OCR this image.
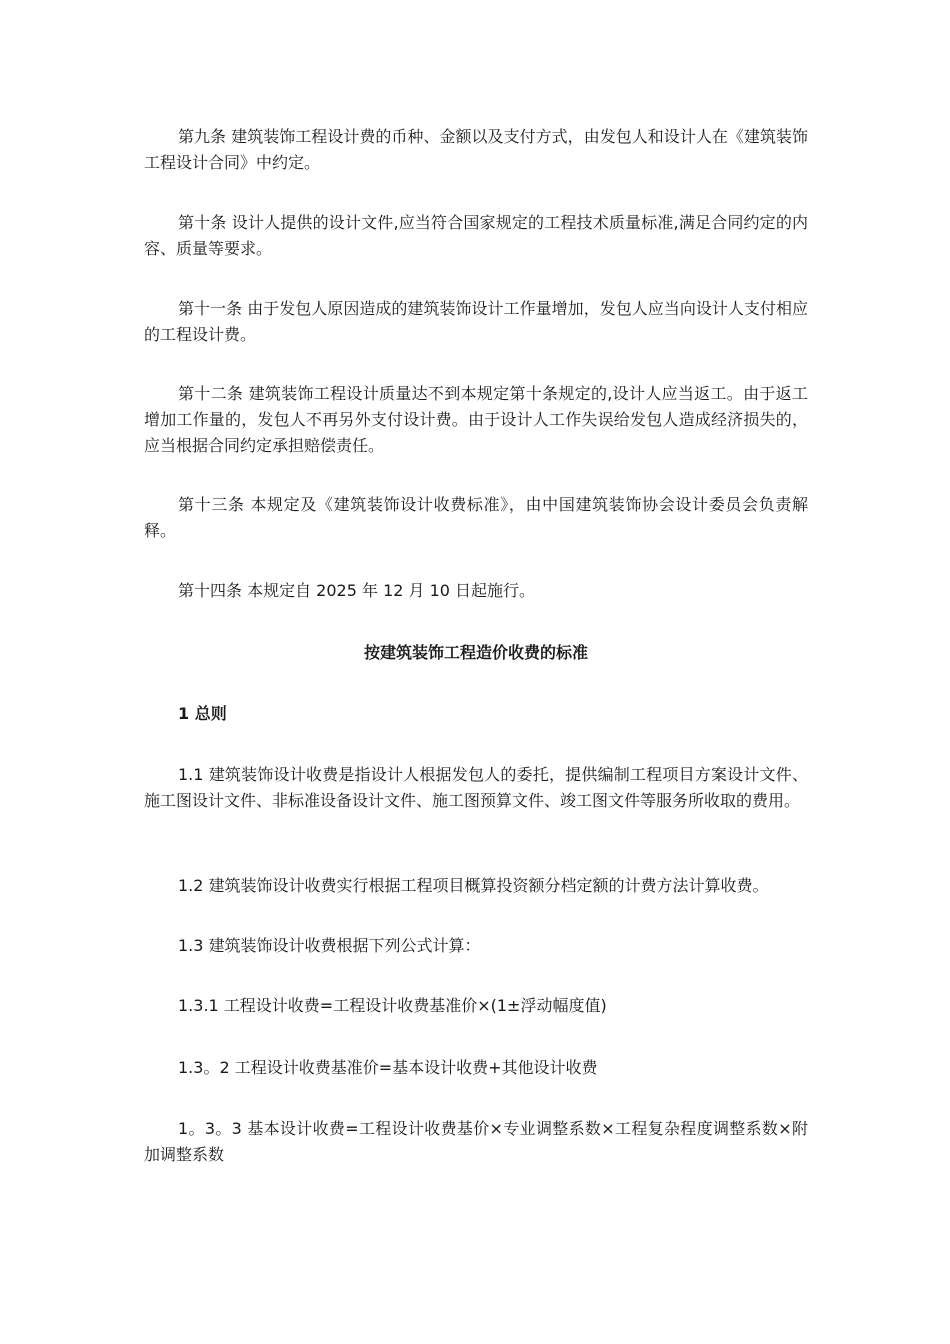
第九条 建筑装饰工程设计费的币种、金额以及支付方式，由发包人和设计人在《建筑装饰工程设计合同》中约定。

第十条 设计人提供的设计文件,应当符合国家规定的工程技术质量标准,满足合同约定的内容、质量等要求。

第十一条 由于发包人原因造成的建筑装饰设计工作量增加，发包人应当向设计人支付相应的工程设计费。

第十二条 建筑装饰工程设计质量达不到本规定第十条规定的,设计人应当返工。由于返工增加工作量的，发包人不再另外支付设计费。由于设计人工作失误给发包人造成经济损失的，应当根据合同约定承担赔偿责任。

第十三条 本规定及《建筑装饰设计收费标准》，由中国建筑装饰协会设计委员会负责解释。

第十四条 本规定自 2025 年 12 月 10 日起施行。

按建筑装饰工程造价收费的标准

1 总则

1.1 建筑装饰设计收费是指设计人根据发包人的委托，提供编制工程项目方案设计文件、施工图设计文件、非标准设备设计文件、施工图预算文件、竣工图文件等服务所收取的费用。

1.2 建筑装饰设计收费实行根据工程项目概算投资额分档定额的计费方法计算收费。

1.3 建筑装饰设计收费根据下列公式计算：

1.3.1 工程设计收费=工程设计收费基准价×(1±浮动幅度值)

1.3。2 工程设计收费基准价=基本设计收费+其他设计收费

1。3。3 基本设计收费=工程设计收费基价×专业调整系数×工程复杂程度调整系数×附加调整系数
